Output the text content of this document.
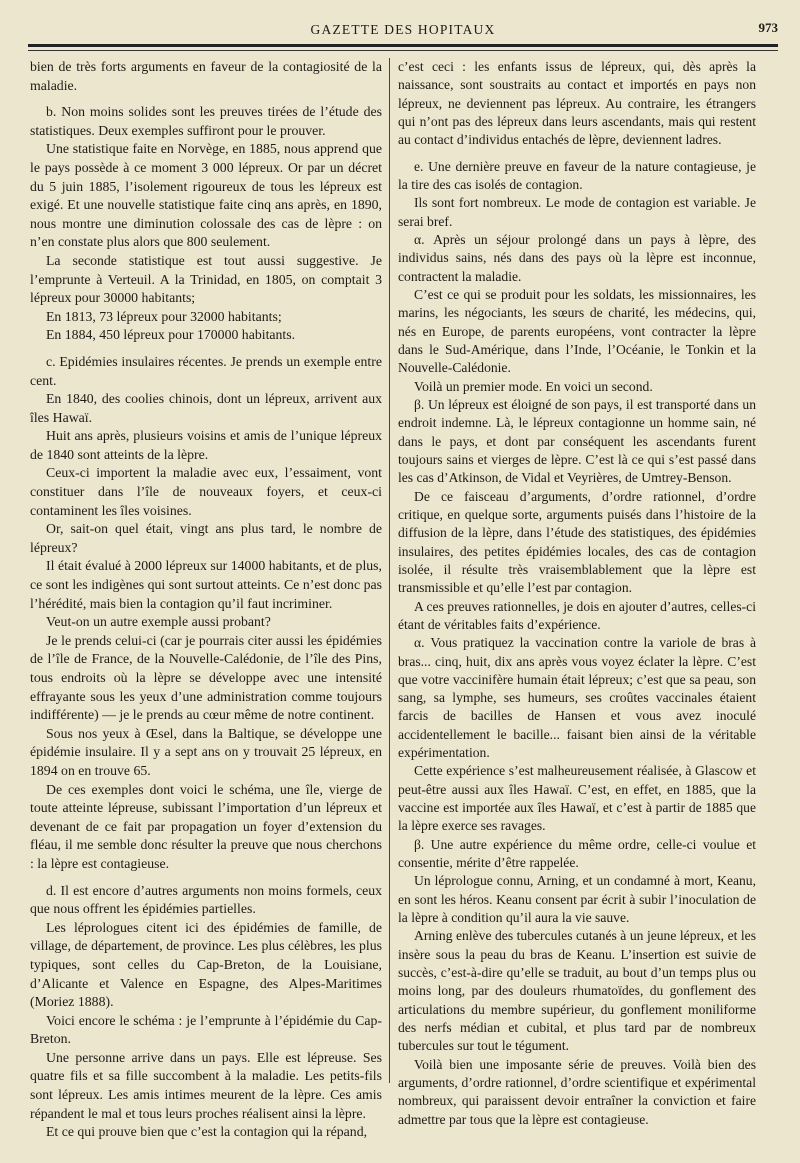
GAZETTE DES HOPITAUX	973

bien de très forts arguments en faveur de la contagiosité de la maladie.

b. Non moins solides sont les preuves tirées de l’étude des statistiques. Deux exemples suffiront pour le prouver.

Une statistique faite en Norvège, en 1885, nous apprend que le pays possède à ce moment 3 000 lépreux. Or par un décret du 5 juin 1885, l’isolement rigoureux de tous les lépreux est exigé. Et une nouvelle statistique faite cinq ans après, en 1890, nous montre une diminution colossale des cas de lèpre : on n’en constate plus alors que 800 seulement.

La seconde statistique est tout aussi suggestive. Je l’emprunte à Verteuil. A la Trinidad, en 1805, on comptait 3 lépreux pour 30000 habitants;

En 1813, 73 lépreux pour 32000 habitants;

En 1884, 450 lépreux pour 170000 habitants.

c. Epidémies insulaires récentes. Je prends un exemple entre cent.

En 1840, des coolies chinois, dont un lépreux, arrivent aux îles Hawaï.

Huit ans après, plusieurs voisins et amis de l’unique lépreux de 1840 sont atteints de la lèpre.

Ceux-ci importent la maladie avec eux, l’essaiment, vont constituer dans l’île de nouveaux foyers, et ceux-ci contaminent les îles voisines.

Or, sait-on quel était, vingt ans plus tard, le nombre de lépreux?

Il était évalué à 2000 lépreux sur 14000 habitants, et de plus, ce sont les indigènes qui sont surtout atteints. Ce n’est donc pas l’hérédité, mais bien la contagion qu’il faut incriminer.

Veut-on un autre exemple aussi probant?

Je le prends celui-ci (car je pourrais citer aussi les épidémies de l’île de France, de la Nouvelle-Calédonie, de l’île des Pins, tous endroits où la lèpre se développe avec une intensité effrayante sous les yeux d’une administration comme toujours indifférente) — je le prends au cœur même de notre continent.

Sous nos yeux à Œsel, dans la Baltique, se développe une épidémie insulaire. Il y a sept ans on y trouvait 25 lépreux, en 1894 on en trouve 65.

De ces exemples dont voici le schéma, une île, vierge de toute atteinte lépreuse, subissant l’importation d’un lépreux et devenant de ce fait par propagation un foyer d’extension du fléau, il me semble donc résulter la preuve que nous cherchons : la lèpre est contagieuse.

d. Il est encore d’autres arguments non moins formels, ceux que nous offrent les épidémies partielles.

Les léprologues citent ici des épidémies de famille, de village, de département, de province. Les plus célèbres, les plus typiques, sont celles du Cap-Breton, de la Louisiane, d’Alicante et Valence en Espagne, des Alpes-Maritimes (Moriez 1888).

Voici encore le schéma : je l’emprunte à l’épidémie du Cap-Breton.

Une personne arrive dans un pays. Elle est lépreuse. Ses quatre fils et sa fille succombent à la maladie. Les petits-fils sont lépreux. Les amis intimes meurent de la lèpre. Ces amis répandent le mal et tous leurs proches réalisent ainsi la lèpre.

Et ce qui prouve bien que c’est la contagion qui la répand,

c’est ceci : les enfants issus de lépreux, qui, dès après la naissance, sont soustraits au contact et importés en pays non lépreux, ne deviennent pas lépreux. Au contraire, les étrangers qui n’ont pas des lépreux dans leurs ascendants, mais qui restent au contact d’individus entachés de lèpre, deviennent ladres.

e. Une dernière preuve en faveur de la nature contagieuse, je la tire des cas isolés de contagion.

Ils sont fort nombreux. Le mode de contagion est variable. Je serai bref.

α. Après un séjour prolongé dans un pays à lèpre, des individus sains, nés dans des pays où la lèpre est inconnue, contractent la maladie.

C’est ce qui se produit pour les soldats, les missionnaires, les marins, les négociants, les sœurs de charité, les médecins, qui, nés en Europe, de parents européens, vont contracter la lèpre dans le Sud-Amérique, dans l’Inde, l’Océanie, le Tonkin et la Nouvelle-Calédonie.

Voilà un premier mode. En voici un second.

β. Un lépreux est éloigné de son pays, il est transporté dans un endroit indemne. Là, le lépreux contagionne un homme sain, né dans le pays, et dont par conséquent les ascendants furent toujours sains et vierges de lèpre. C’est là ce qui s’est passé dans les cas d’Atkinson, de Vidal et Veyrières, de Umtrey-Benson.

De ce faisceau d’arguments, d’ordre rationnel, d’ordre critique, en quelque sorte, arguments puisés dans l’histoire de la diffusion de la lèpre, dans l’étude des statistiques, des épidémies insulaires, des petites épidémies locales, des cas de contagion isolée, il résulte très vraisemblablement que la lèpre est transmissible et qu’elle l’est par contagion.

A ces preuves rationnelles, je dois en ajouter d’autres, celles-ci étant de véritables faits d’expérience.

α. Vous pratiquez la vaccination contre la variole de bras à bras... cinq, huit, dix ans après vous voyez éclater la lèpre. C’est que votre vaccinifère humain était lépreux; c’est que sa peau, son sang, sa lymphe, ses humeurs, ses croûtes vaccinales étaient farcis de bacilles de Hansen et vous avez inoculé accidentellement le bacille... faisant bien ainsi de la véritable expérimentation.

Cette expérience s’est malheureusement réalisée, à Glascow et peut-être aussi aux îles Hawaï. C’est, en effet, en 1885, que la vaccine est importée aux îles Hawaï, et c’est à partir de 1885 que la lèpre exerce ses ravages.

β. Une autre expérience du même ordre, celle-ci voulue et consentie, mérite d’être rappelée.

Un léprologue connu, Arning, et un condamné à mort, Keanu, en sont les héros. Keanu consent par écrit à subir l’inoculation de la lèpre à condition qu’il aura la vie sauve.

Arning enlève des tubercules cutanés à un jeune lépreux, et les insère sous la peau du bras de Keanu. L’insertion est suivie de succès, c’est-à-dire qu’elle se traduit, au bout d’un temps plus ou moins long, par des douleurs rhumatoïdes, du gonflement des articulations du membre supérieur, du gonflement moniliforme des nerfs médian et cubital, et plus tard par de nombreux tubercules sur tout le tégument.

Voilà bien une imposante série de preuves. Voilà bien des arguments, d’ordre rationnel, d’ordre scientifique et expérimental nombreux, qui paraissent devoir entraîner la conviction et faire admettre par tous que la lèpre est contagieuse.
